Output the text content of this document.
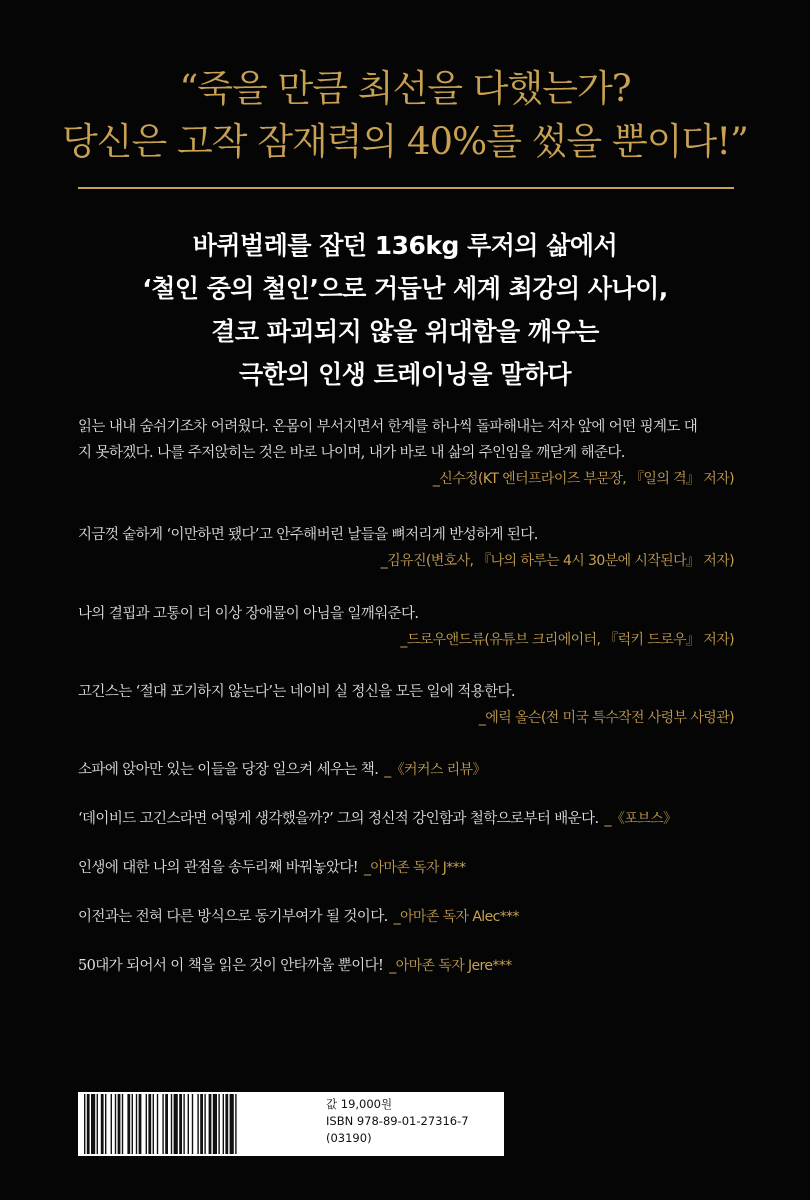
“죽을 만큼 최선을 다했는가?
당신은 고작 잠재력의 40%를 썼을 뿐이다!”
바퀴벌레를 잡던 136kg 루저의 삶에서
‘철인 중의 철인’으로 거듭난 세계 최강의 사나이,
결코 파괴되지 않을 위대함을 깨우는
극한의 인생 트레이닝을 말하다
읽는 내내 숨쉬기조차 어려웠다. 온몸이 부서지면서 한계를 하나씩 돌파해내는 저자 앞에 어떤 핑계도 대
지 못하겠다. 나를 주저앉히는 것은 바로 나이며, 내가 바로 내 삶의 주인임을 깨닫게 해준다.
_신수정(KT 엔터프라이즈 부문장, 『일의 격』 저자)
지금껏 숱하게 ‘이만하면 됐다’고 안주해버린 날들을 뼈저리게 반성하게 된다.
_김유진(변호사, 『나의 하루는 4시 30분에 시작된다』 저자)
나의 결핍과 고통이 더 이상 장애물이 아님을 일깨워준다.
_드로우앤드류(유튜브 크리에이터, 『럭키 드로우』 저자)
고긴스는 ‘절대 포기하지 않는다’는 네이비 실 정신을 모든 일에 적용한다.
_에릭 올슨(전 미국 특수작전 사령부 사령관)
소파에 앉아만 있는 이들을 당장 일으켜 세우는 책. _《커커스 리뷰》
‘데이비드 고긴스라면 어떻게 생각했을까?’ 그의 정신적 강인함과 철학으로부터 배운다. _《포브스》
인생에 대한 나의 관점을 송두리째 바꿔놓았다! _아마존 독자 J***
이전과는 전혀 다른 방식으로 동기부여가 될 것이다. _아마존 독자 Alec***
50대가 되어서 이 책을 읽은 것이 안타까울 뿐이다! _아마존 독자 Jere***
값 19,000원
ISBN 978-89-01-27316-7 (03190)
